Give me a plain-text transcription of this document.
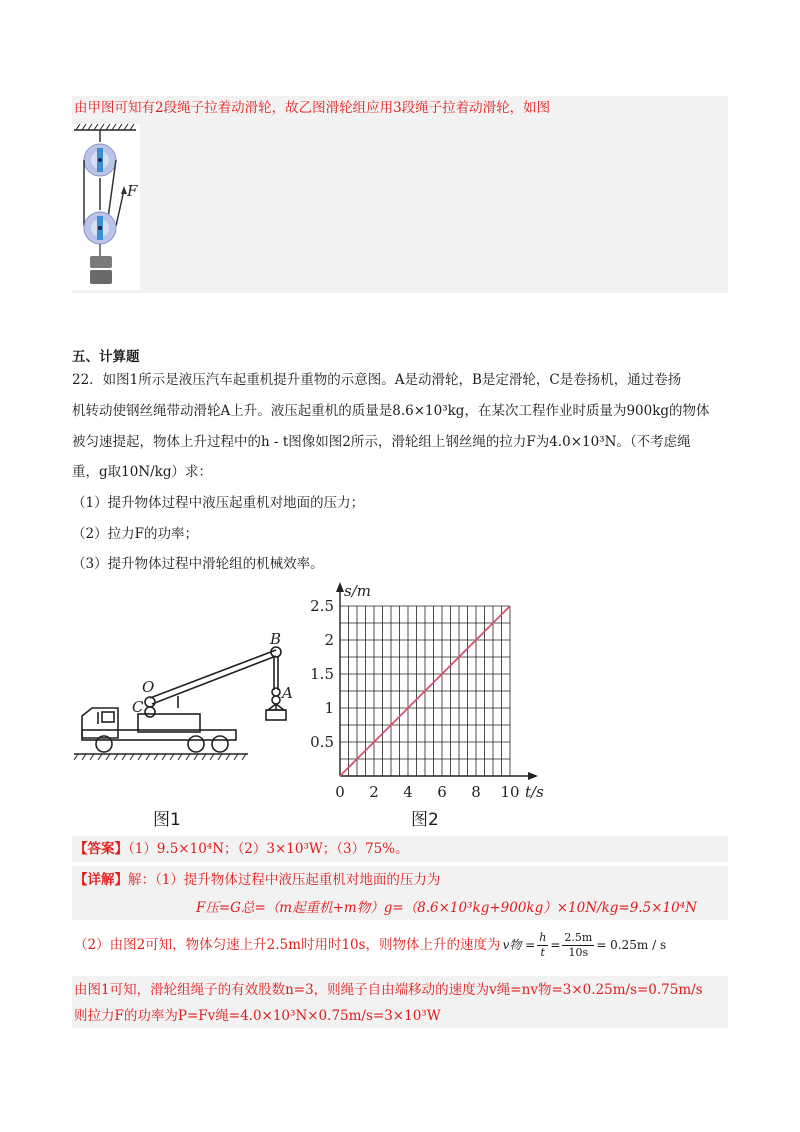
由甲图可知有2段绳子拉着动滑轮，故乙图滑轮组应用3段绳子拉着动滑轮，如图
F
五、计算题
22．如图1所示是液压汽车起重机提升重物的示意图。A是动滑轮，B是定滑轮，C是卷扬机，通过卷扬
机转动使钢丝绳带动滑轮A上升。液压起重机的质量是8.6×10³kg，在某次工程作业时质量为900kg的物体
被匀速提起，物体上升过程中的h - t图像如图2所示，滑轮组上钢丝绳的拉力F为4.0×10³N。（不考虑绳
重，g取10N/kg）求：
（1）提升物体过程中液压起重机对地面的压力；
（2）拉力F的功率；
（3）提升物体过程中滑轮组的机械效率。
B
O
C
A
图1
0 2 4 6 8 10
0.5
1
1.5
2
2.5
s/m
t/s
图2
【答案】（1）9.5×10⁴N；（2）3×10³W；（3）75%。
【详解】解：（1）提升物体过程中液压起重机对地面的压力为
F压=G总=（m起重机+m物）g=（8.6×10³kg+900kg）×10N/kg=9.5×10⁴N
（2）由图2可知，物体匀速上升2.5m时用时10s，则物体上升的速度为 v物 = $\frac{h}{t} = \frac{2.5m}{10s} = 0.25m / s$
由图1可知，滑轮组绳子的有效股数n=3，则绳子自由端移动的速度为v绳=nv物=3×0.25m/s=0.75m/s
则拉力F的功率为P=Fv绳=4.0×10³N×0.75m/s=3×10³W
